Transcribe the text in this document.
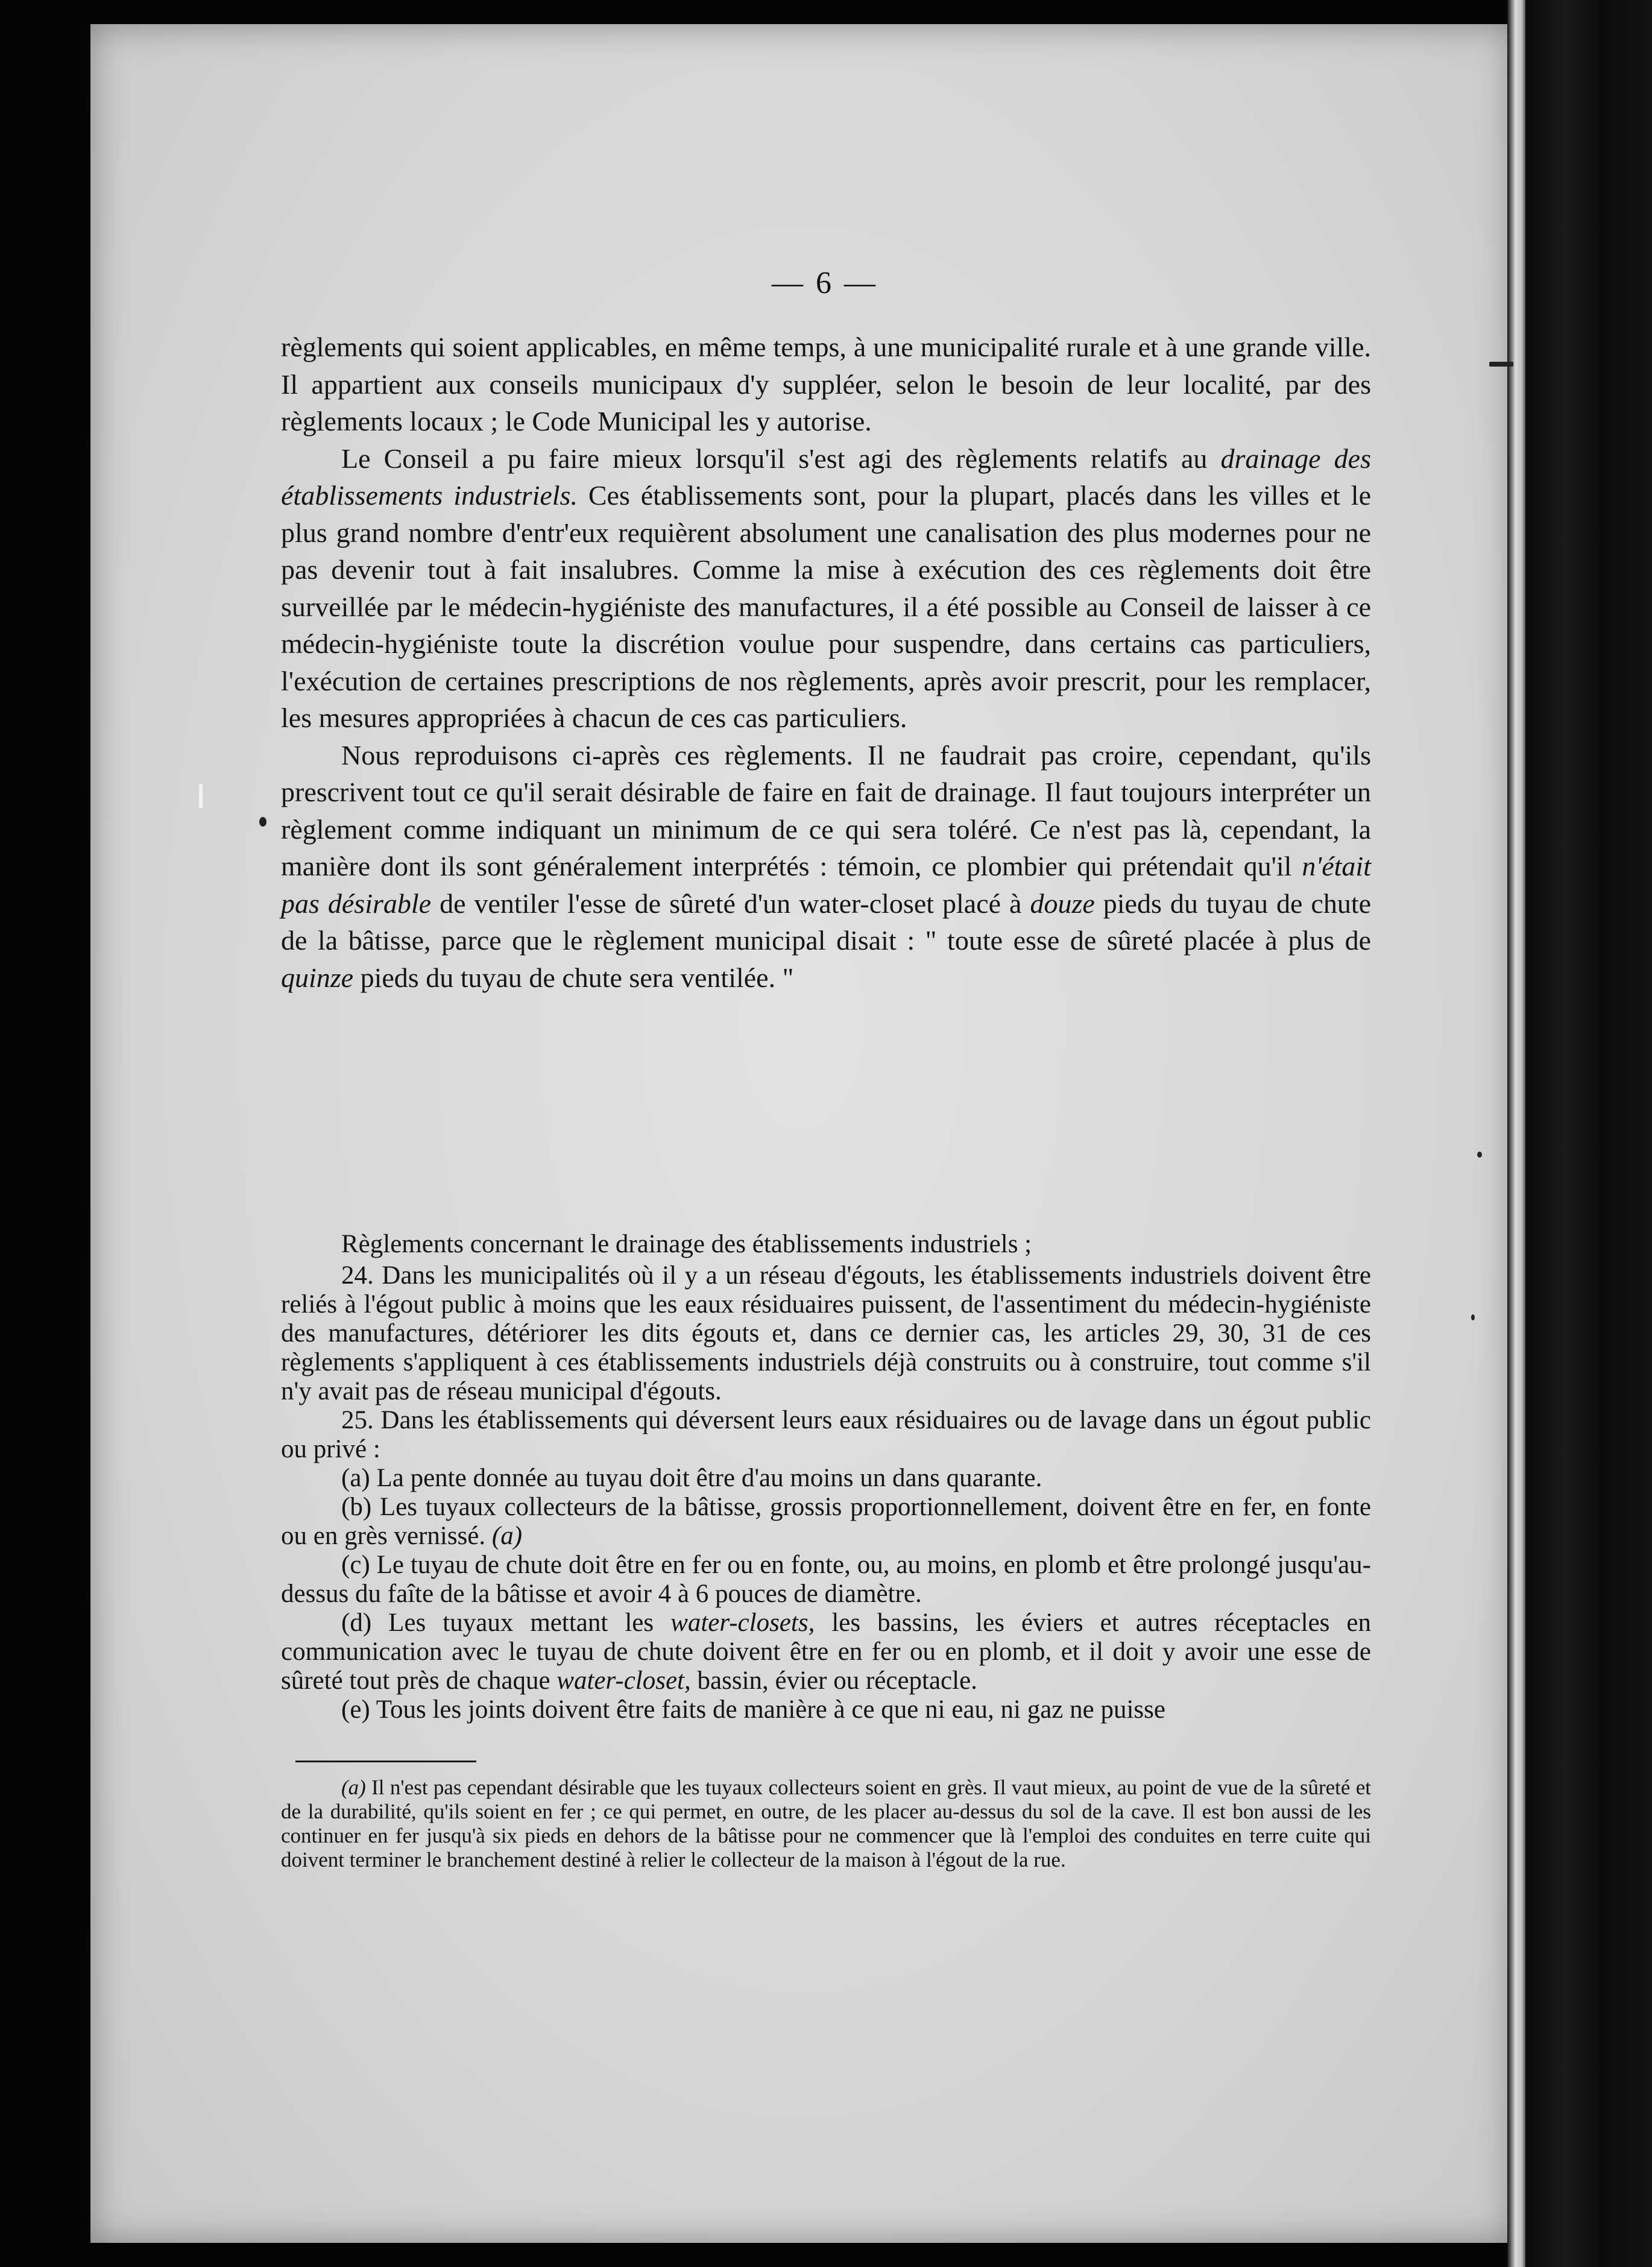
— 6 —

règlements qui soient applicables, en même temps, à une municipalité rurale et à une grande ville. Il appartient aux conseils municipaux d'y suppléer, selon le besoin de leur localité, par des règlements locaux ; le Code Municipal les y autorise.

Le Conseil a pu faire mieux lorsqu'il s'est agi des règlements relatifs au drainage des établissements industriels. Ces établissements sont, pour la plupart, placés dans les villes et le plus grand nombre d'entr'eux requièrent absolument une canalisation des plus modernes pour ne pas devenir tout à fait insalubres. Comme la mise à exécution des ces règlements doit être surveillée par le médecin-hygiéniste des manufactures, il a été possible au Conseil de laisser à ce médecin-hygiéniste toute la discrétion voulue pour suspendre, dans certains cas particuliers, l'exécution de certaines prescriptions de nos règlements, après avoir prescrit, pour les remplacer, les mesures appropriées à chacun de ces cas particuliers.

Nous reproduisons ci-après ces règlements. Il ne faudrait pas croire, cependant, qu'ils prescrivent tout ce qu'il serait désirable de faire en fait de drainage. Il faut toujours interpréter un règlement comme indiquant un minimum de ce qui sera toléré. Ce n'est pas là, cependant, la manière dont ils sont généralement interprétés : témoin, ce plombier qui prétendait qu'il n'était pas désirable de ventiler l'esse de sûreté d'un water-closet placé à douze pieds du tuyau de chute de la bâtisse, parce que le règlement municipal disait : " toute esse de sûreté placée à plus de quinze pieds du tuyau de chute sera ventilée. "

Règlements concernant le drainage des établissements industriels ;

24. Dans les municipalités où il y a un réseau d'égouts, les établissements industriels doivent être reliés à l'égout public à moins que les eaux résiduaires puissent, de l'assentiment du médecin-hygiéniste des manufactures, détériorer les dits égouts et, dans ce dernier cas, les articles 29, 30, 31 de ces règlements s'appliquent à ces établissements industriels déjà construits ou à construire, tout comme s'il n'y avait pas de réseau municipal d'égouts.

25. Dans les établissements qui déversent leurs eaux résiduaires ou de lavage dans un égout public ou privé :

(a) La pente donnée au tuyau doit être d'au moins un dans quarante.

(b) Les tuyaux collecteurs de la bâtisse, grossis proportionnellement, doivent être en fer, en fonte ou en grès vernissé. (a)

(c) Le tuyau de chute doit être en fer ou en fonte, ou, au moins, en plomb et être prolongé jusqu'au-dessus du faîte de la bâtisse et avoir 4 à 6 pouces de diamètre.

(d) Les tuyaux mettant les water-closets, les bassins, les éviers et autres réceptacles en communication avec le tuyau de chute doivent être en fer ou en plomb, et il doit y avoir une esse de sûreté tout près de chaque water-closet, bassin, évier ou réceptacle.

(e) Tous les joints doivent être faits de manière à ce que ni eau, ni gaz ne puisse

(a) Il n'est pas cependant désirable que les tuyaux collecteurs soient en grès. Il vaut mieux, au point de vue de la sûreté et de la durabilité, qu'ils soient en fer ; ce qui permet, en outre, de les placer au-dessus du sol de la cave. Il est bon aussi de les continuer en fer jusqu'à six pieds en dehors de la bâtisse pour ne commencer que là l'emploi des conduites en terre cuite qui doivent terminer le branchement destiné à relier le collecteur de la maison à l'égout de la rue.
